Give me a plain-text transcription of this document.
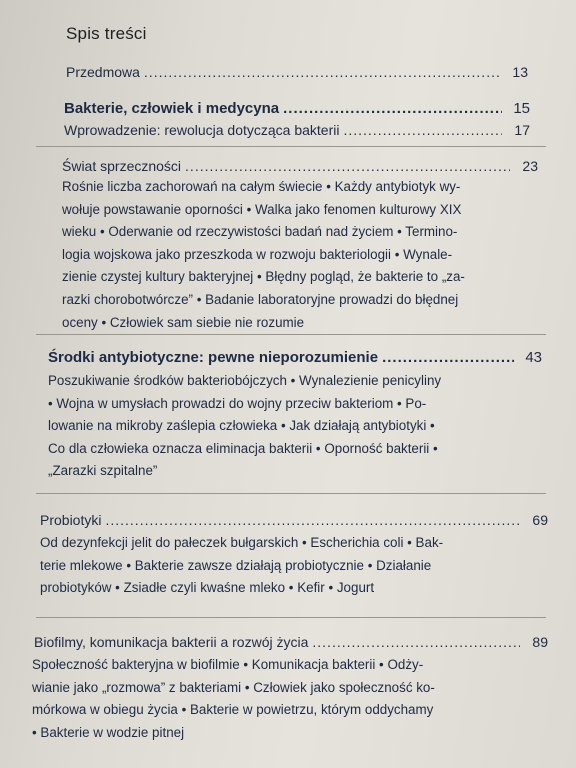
Spis treści
Przedmowa .....	13
Bakterie, człowiek i medycyna .....	15
Wprowadzenie: rewolucja dotycząca bakterii .....	17
Świat sprzeczności .....	23
Rośnie liczba zachorowań na całym świecie • Każdy antybiotyk wy-
wołuje powstawanie oporności • Walka jako fenomen kulturowy XIX
wieku • Oderwanie od rzeczywistości badań nad życiem • Termino-
logia wojskowa jako przeszkoda w rozwoju bakteriologii • Wynale-
zienie czystej kultury bakteryjnej • Błędny pogląd, że bakterie to „za-
razki chorobotwórcze” • Badanie laboratoryjne prowadzi do błędnej
oceny • Człowiek sam siebie nie rozumie
Środki antybiotyczne: pewne nieporozumienie .....	43
Poszukiwanie środków bakteriobójczych • Wynalezienie penicyliny
• Wojna w umysłach prowadzi do wojny przeciw bakteriom • Po-
lowanie na mikroby zaślepia człowieka • Jak działają antybiotyki •
Co dla człowieka oznacza eliminacja bakterii • Oporność bakterii •
„Zarazki szpitalne”
Probiotyki .....	69
Od dezynfekcji jelit do pałeczek bułgarskich • Escherichia coli • Bak-
terie mlekowe • Bakterie zawsze działają probiotycznie • Działanie
probiotyków • Zsiadłe czyli kwaśne mleko • Kefir • Jogurt
Biofilmy, komunikacja bakterii a rozwój życia .....	89
Społeczność bakteryjna w biofilmie • Komunikacja bakterii • Odży-
wianie jako „rozmowa” z bakteriami • Człowiek jako społeczność ko-
mórkowa w obiegu życia • Bakterie w powietrzu, którym oddychamy
• Bakterie w wodzie pitnej
